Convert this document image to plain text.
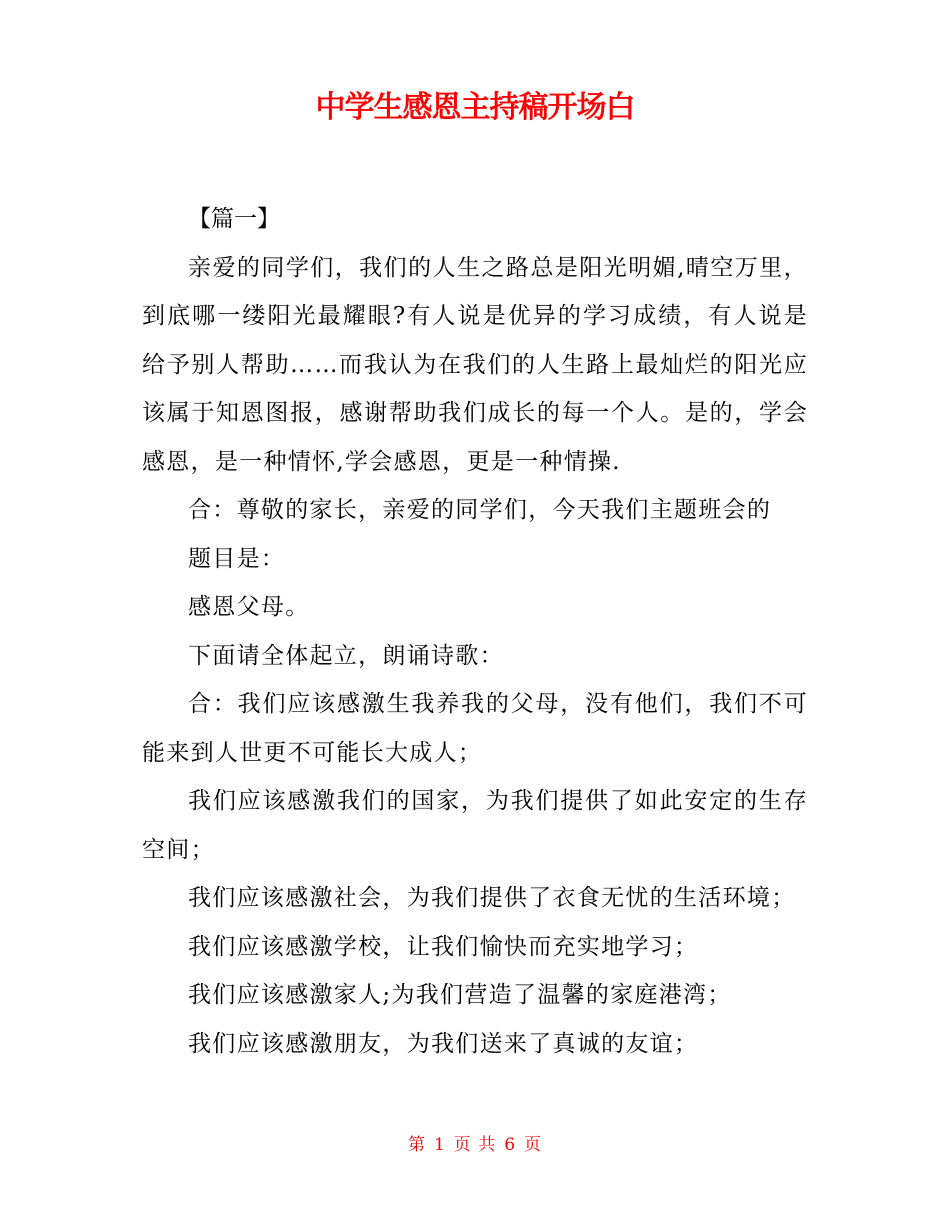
中学生感恩主持稿开场白

【篇一】

亲爱的同学们，我们的人生之路总是阳光明媚,晴空万里，到底哪一缕阳光最耀眼?有人说是优异的学习成绩，有人说是给予别人帮助……而我认为在我们的人生路上最灿烂的阳光应该属于知恩图报，感谢帮助我们成长的每一个人。是的，学会感恩，是一种情怀,学会感恩，更是一种情操.

合：尊敬的家长，亲爱的同学们，今天我们主题班会的

题目是：

感恩父母。

下面请全体起立，朗诵诗歌：

合：我们应该感激生我养我的父母，没有他们，我们不可能来到人世更不可能长大成人；

我们应该感激我们的国家，为我们提供了如此安定的生存空间；

我们应该感激社会，为我们提供了衣食无忧的生活环境；

我们应该感激学校，让我们愉快而充实地学习；

我们应该感激家人;为我们营造了温馨的家庭港湾；

我们应该感激朋友，为我们送来了真诚的友谊；

第 1 页 共 6 页
